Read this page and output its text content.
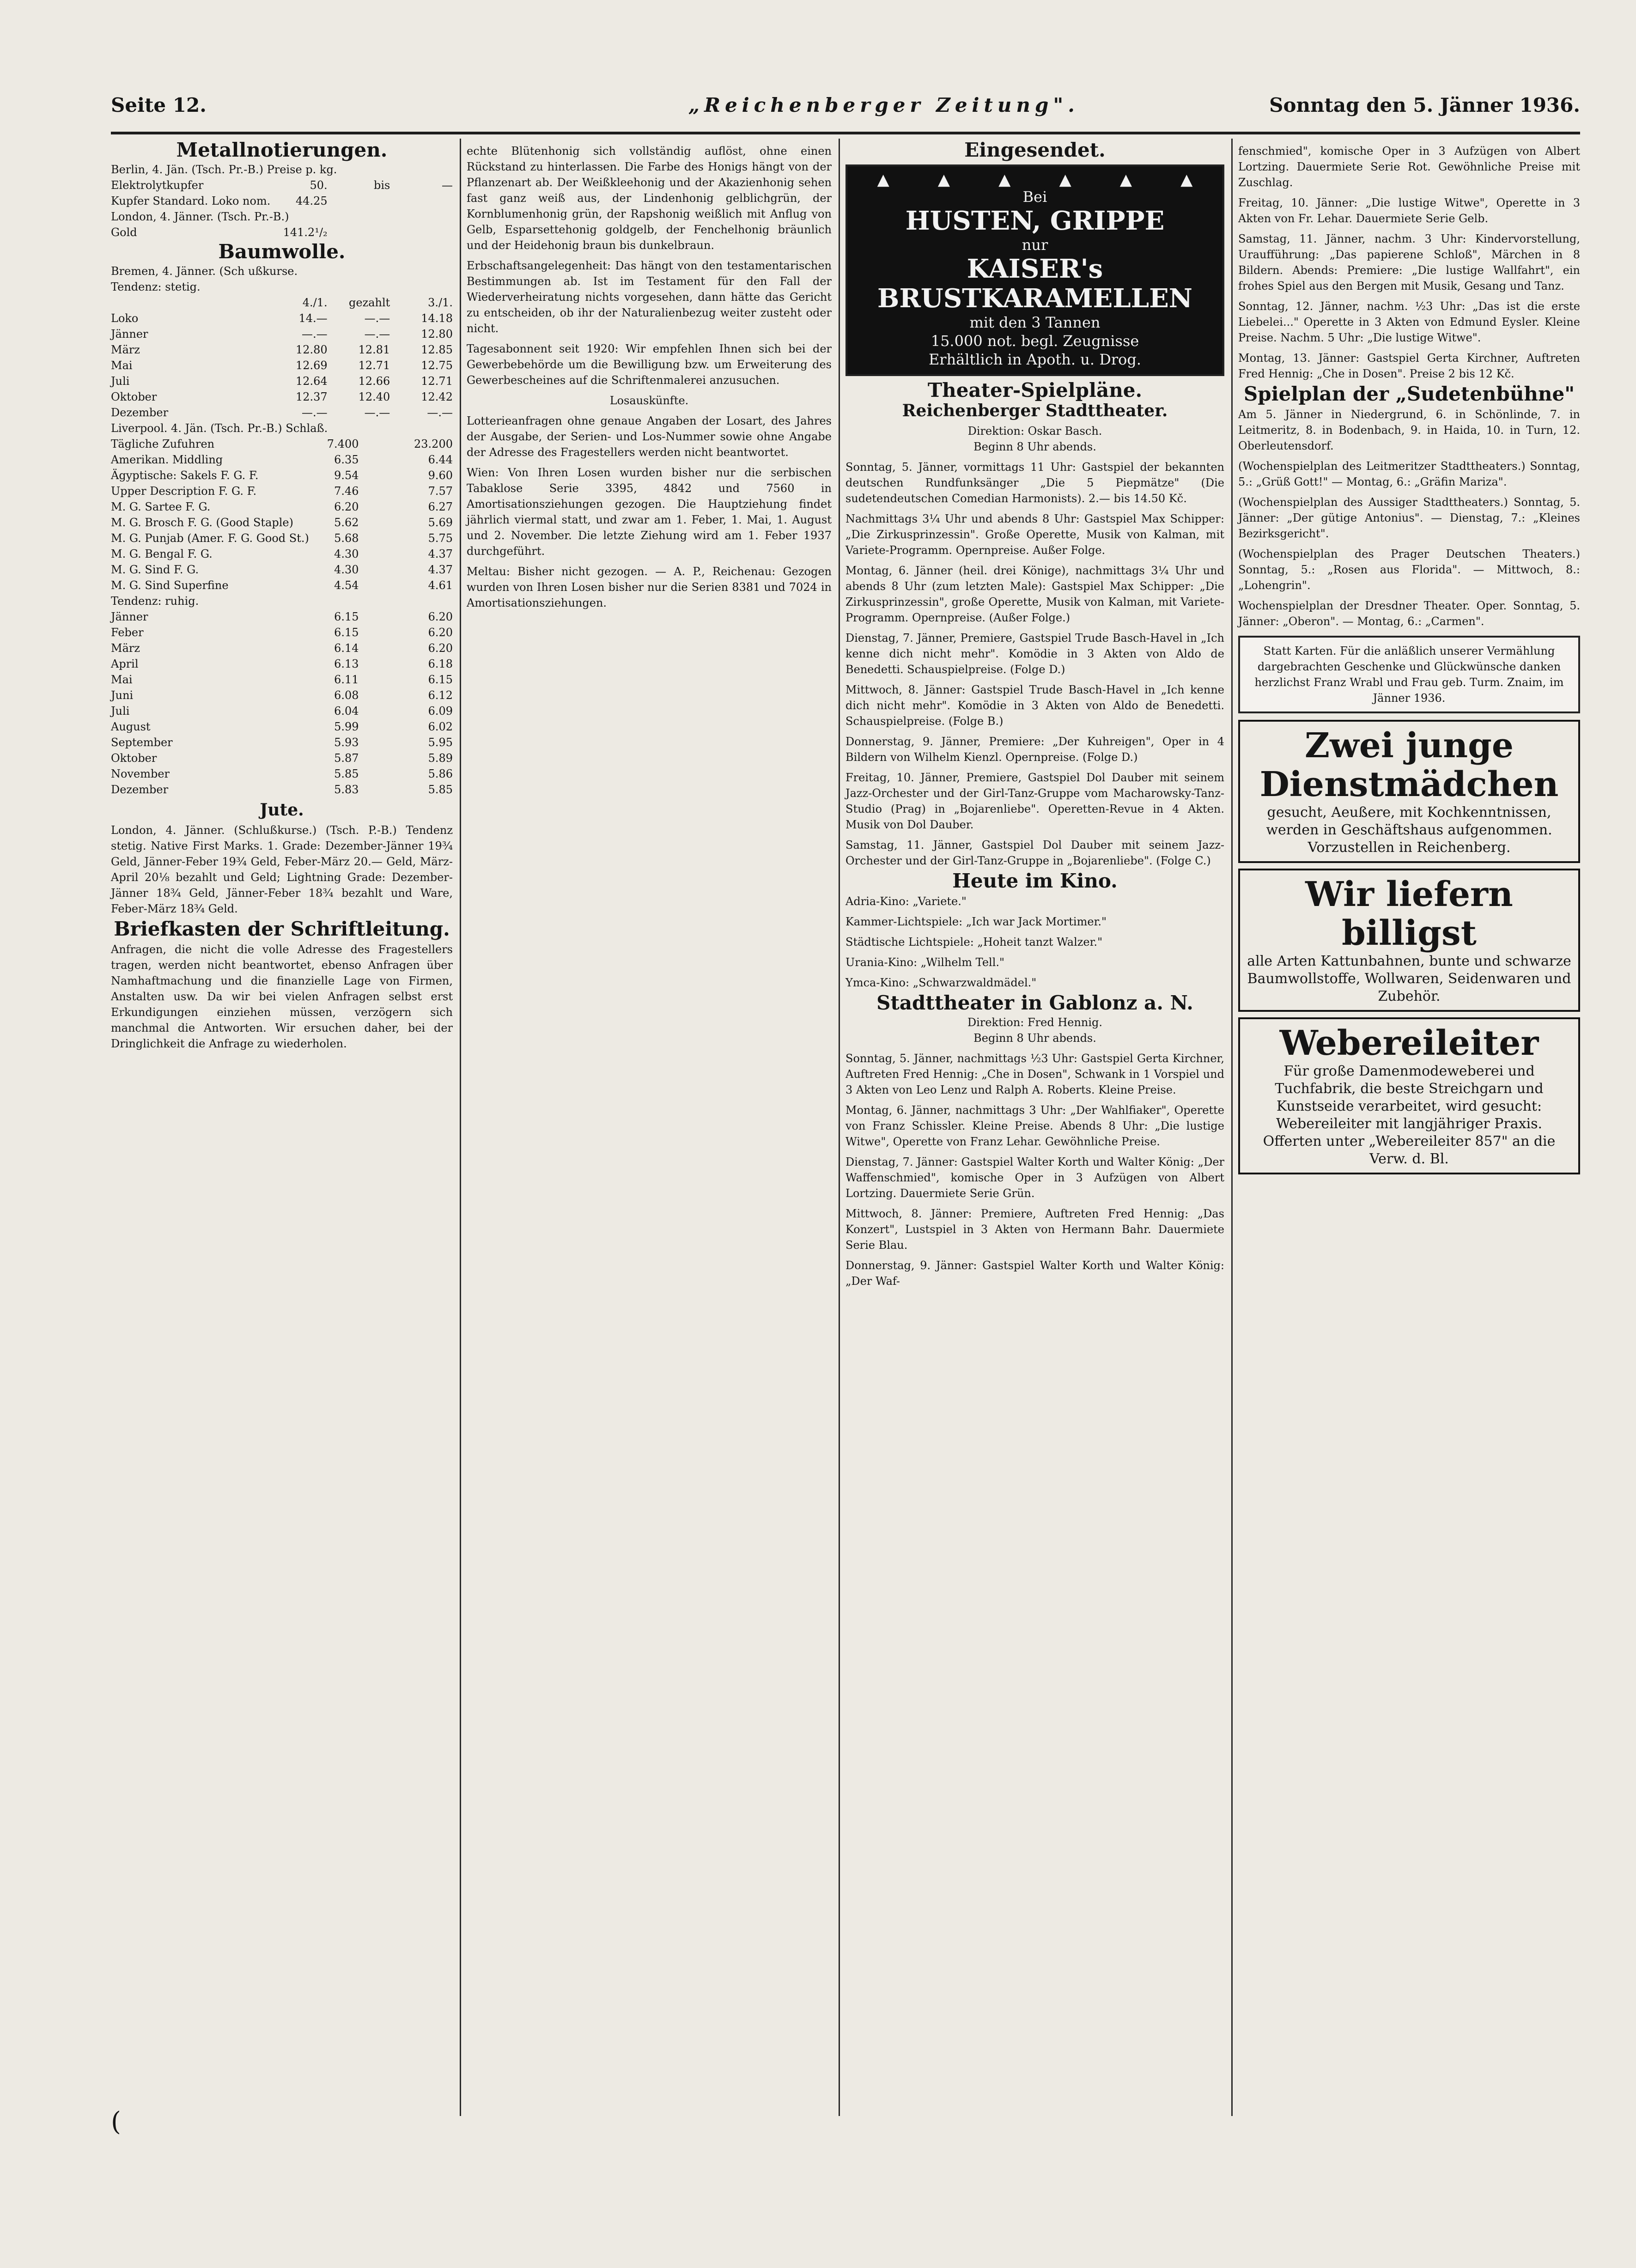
Seite 12.	„Reichenberger Zeitung".	Sonntag den 5. Jänner 1936.
Metallnotierungen.
Berlin, 4. Jän. (Tsch. Pr.-B.) Preise p. kg.
Elektrolytkupfer	50.	bis	—
Kupfer Standard. Loko nom.	44.25
London, 4. Jänner. (Tsch. Pr.-B.)
Gold	141.2¹/₂
Baumwolle.
Bremen, 4. Jänner. (Sch ußkurse.
Tendenz: stetig.
4./1.	gezahlt	3./1.
Loko	14.—	—.—	14.18
Jänner	—.—	—.—	12.80
März	12.80	12.81	12.85
Mai	12.69	12.71	12.75
Juli	12.64	12.66	12.71
Oktober	12.37	12.40	12.42
Dezember	—.—	—.—	—.—
Liverpool. 4. Jän. (Tsch. Pr.-B.) Schlaß.
Tägliche Zufuhren	7.400	23.200
Amerikan. Middling	6.35	6.44
Ägyptische: Sakels F. G. F.	9.54	9.60
Upper Description F. G. F.	7.46	7.57
M. G. Sartee F. G.	6.20	6.27
M. G. Brosch F. G. (Good Staple)	5.62	5.69
M. G. Punjab (Amer. F. G. Good St.)	5.68	5.75
M. G. Bengal F. G.	4.30	4.37
M. G. Sind F. G.	4.30	4.37
M. G. Sind Superfine	4.54	4.61
Tendenz: ruhig.
Jänner	6.15	6.20
Feber	6.15	6.20
März	6.14	6.20
April	6.13	6.18
Mai	6.11	6.15
Juni	6.08	6.12
Juli	6.04	6.09
August	5.99	6.02
September	5.93	5.95
Oktober	5.87	5.89
November	5.85	5.86
Dezember	5.83	5.85
Jute.
London, 4. Jänner. (Schlußkurse.) (Tsch. P.-B.) Tendenz stetig. Native First Marks. 1. Grade: Dezember-Jänner 19¾ Geld, Jänner-Feber 19¾ Geld, Feber-März 20.— Geld, März-April 20⅛ bezahlt und Geld; Lightning Grade: Dezember-Jänner 18¾ Geld, Jänner-Feber 18¾ bezahlt und Ware, Feber-März 18¾ Geld.
Briefkasten der Schriftleitung.
Anfragen, die nicht die volle Adresse des Fragestellers tragen, werden nicht beantwortet, ebenso Anfragen über Namhaftmachung und die finanzielle Lage von Firmen, Anstalten usw. Da wir bei vielen Anfragen selbst erst Erkundigungen einziehen müssen, verzögern sich manchmal die Antworten. Wir ersuchen daher, bei der Dringlichkeit die Anfrage zu wiederholen.
echte Blütenhonig sich vollständig auflöst, ohne einen Rückstand zu hinterlassen. Die Farbe des Honigs hängt von der Pflanzenart ab. Der Weißkleehonig und der Akazienhonig sehen fast ganz weiß aus, der Lindenhonig gelblichgrün, der Kornblumenhonig grün, der Rapshonig weißlich mit Anflug von Gelb, Esparsettehonig goldgelb, der Fenchelhonig bräunlich und der Heidehonig braun bis dunkelbraun.
Erbschaftsangelegenheit: Das hängt von den testamentarischen Bestimmungen ab. Ist im Testament für den Fall der Wiederverheiratung nichts vorgesehen, dann hätte das Gericht zu entscheiden, ob ihr der Naturalienbezug weiter zusteht oder nicht.
Tagesabonnent seit 1920: Wir empfehlen Ihnen sich bei der Gewerbebehörde um die Bewilligung bzw. um Erweiterung des Gewerbescheines auf die Schriftenmalerei anzusuchen.
Losauskünfte.
Lotterieanfragen ohne genaue Angaben der Losart, des Jahres der Ausgabe, der Serien- und Los-Nummer sowie ohne Angabe der Adresse des Fragestellers werden nicht beantwortet.
Wien: Von Ihren Losen wurden bisher nur die serbischen Tabaklose Serie 3395, 4842 und 7560 in Amortisationsziehungen gezogen. Die Hauptziehung findet jährlich viermal statt, und zwar am 1. Feber, 1. Mai, 1. August und 2. November. Die letzte Ziehung wird am 1. Feber 1937 durchgeführt.
Meltau: Bisher nicht gezogen. — A. P., Reichenau: Gezogen wurden von Ihren Losen bisher nur die Serien 8381 und 7024 in Amortisationsziehungen.
Eingesendet.
▲	▲	▲	▲	▲	▲
Bei
HUSTEN, GRIPPE
nur
KAISER's BRUSTKARAMELLEN
mit den 3 Tannen
15.000 not. begl. Zeugnisse
Erhältlich in Apoth. u. Drog.
Theater-Spielpläne.
Reichenberger Stadttheater.
Direktion: Oskar Basch.
Beginn 8 Uhr abends.
Sonntag, 5. Jänner, vormittags 11 Uhr: Gastspiel der bekannten deutschen Rundfunksänger „Die 5 Piepmätze" (Die sudetendeutschen Comedian Harmonists). 2.— bis 14.50 Kč.
Nachmittags 3¼ Uhr und abends 8 Uhr: Gastspiel Max Schipper: „Die Zirkusprinzessin". Große Operette, Musik von Kalman, mit Variete-Programm. Opernpreise. Außer Folge.
Montag, 6. Jänner (heil. drei Könige), nachmittags 3¼ Uhr und abends 8 Uhr (zum letzten Male): Gastspiel Max Schipper: „Die Zirkusprinzessin", große Operette, Musik von Kalman, mit Variete-Programm. Opernpreise. (Außer Folge.)
Dienstag, 7. Jänner, Premiere, Gastspiel Trude Basch-Havel in „Ich kenne dich nicht mehr". Komödie in 3 Akten von Aldo de Benedetti. Schauspielpreise. (Folge D.)
Mittwoch, 8. Jänner: Gastspiel Trude Basch-Havel in „Ich kenne dich nicht mehr". Komödie in 3 Akten von Aldo de Benedetti. Schauspielpreise. (Folge B.)
Donnerstag, 9. Jänner, Premiere: „Der Kuhreigen", Oper in 4 Bildern von Wilhelm Kienzl. Opernpreise. (Folge D.)
Freitag, 10. Jänner, Premiere, Gastspiel Dol Dauber mit seinem Jazz-Orchester und der Girl-Tanz-Gruppe vom Macharowsky-Tanz-Studio (Prag) in „Bojarenliebe". Operetten-Revue in 4 Akten. Musik von Dol Dauber.
Samstag, 11. Jänner, Gastspiel Dol Dauber mit seinem Jazz-Orchester und der Girl-Tanz-Gruppe in „Bojarenliebe". (Folge C.)
Heute im Kino.
Adria-Kino: „Variete."
Kammer-Lichtspiele: „Ich war Jack Mortimer."
Städtische Lichtspiele: „Hoheit tanzt Walzer."
Urania-Kino: „Wilhelm Tell."
Ymca-Kino: „Schwarzwaldmädel."
Stadttheater in Gablonz a. N.
Direktion: Fred Hennig.
Beginn 8 Uhr abends.
Sonntag, 5. Jänner, nachmittags ½3 Uhr: Gastspiel Gerta Kirchner, Auftreten Fred Hennig: „Che in Dosen", Schwank in 1 Vorspiel und 3 Akten von Leo Lenz und Ralph A. Roberts. Kleine Preise.
Montag, 6. Jänner, nachmittags 3 Uhr: „Der Wahlfiaker", Operette von Franz Schissler. Kleine Preise. Abends 8 Uhr: „Die lustige Witwe", Operette von Franz Lehar. Gewöhnliche Preise.
Dienstag, 7. Jänner: Gastspiel Walter Korth und Walter König: „Der Waffenschmied", komische Oper in 3 Aufzügen von Albert Lortzing. Dauermiete Serie Grün.
Mittwoch, 8. Jänner: Premiere, Auftreten Fred Hennig: „Das Konzert", Lustspiel in 3 Akten von Hermann Bahr. Dauermiete Serie Blau.
Donnerstag, 9. Jänner: Gastspiel Walter Korth und Walter König: „Der Waf-
fenschmied", komische Oper in 3 Aufzügen von Albert Lortzing. Dauermiete Serie Rot. Gewöhnliche Preise mit Zuschlag.
Freitag, 10. Jänner: „Die lustige Witwe", Operette in 3 Akten von Fr. Lehar. Dauermiete Serie Gelb.
Samstag, 11. Jänner, nachm. 3 Uhr: Kindervorstellung, Uraufführung: „Das papierene Schloß", Märchen in 8 Bildern. Abends: Premiere: „Die lustige Wallfahrt", ein frohes Spiel aus den Bergen mit Musik, Gesang und Tanz.
Sonntag, 12. Jänner, nachm. ½3 Uhr: „Das ist die erste Liebelei..." Operette in 3 Akten von Edmund Eysler. Kleine Preise. Nachm. 5 Uhr: „Die lustige Witwe".
Montag, 13. Jänner: Gastspiel Gerta Kirchner, Auftreten Fred Hennig: „Che in Dosen". Preise 2 bis 12 Kč.
Spielplan der „Sudetenbühne"
Am 5. Jänner in Niedergrund, 6. in Schönlinde, 7. in Leitmeritz, 8. in Bodenbach, 9. in Haida, 10. in Turn, 12. Oberleutensdorf.
(Wochenspielplan des Leitmeritzer Stadttheaters.) Sonntag, 5.: „Grüß Gott!" — Montag, 6.: „Gräfin Mariza".
(Wochenspielplan des Aussiger Stadttheaters.) Sonntag, 5. Jänner: „Der gütige Antonius". — Dienstag, 7.: „Kleines Bezirksgericht".
(Wochenspielplan des Prager Deutschen Theaters.) Sonntag, 5.: „Rosen aus Florida". — Mittwoch, 8.: „Lohengrin".
Wochenspielplan der Dresdner Theater. Oper. Sonntag, 5. Jänner: „Oberon". — Montag, 6.: „Carmen".
Statt Karten. Für die anläßlich unserer Vermählung dargebrachten Geschenke und Glückwünsche danken herzlichst Franz Wrabl und Frau geb. Turm. Znaim, im Jänner 1936.
Zwei junge Dienstmädchen
gesucht, Aeußere, mit Kochkenntnissen, werden in Geschäftshaus aufgenommen. Vorzustellen in Reichenberg.
Wir liefern billigst
alle Arten Kattunbahnen, bunte und schwarze Baumwollstoffe, Wollwaren, Seidenwaren und Zubehör.
Webereileiter
Für große Damenmodeweberei und Tuchfabrik, die beste Streichgarn und Kunstseide verarbeitet, wird gesucht: Webereileiter mit langjähriger Praxis. Offerten unter „Webereileiter 857" an die Verw. d. Bl.
(
